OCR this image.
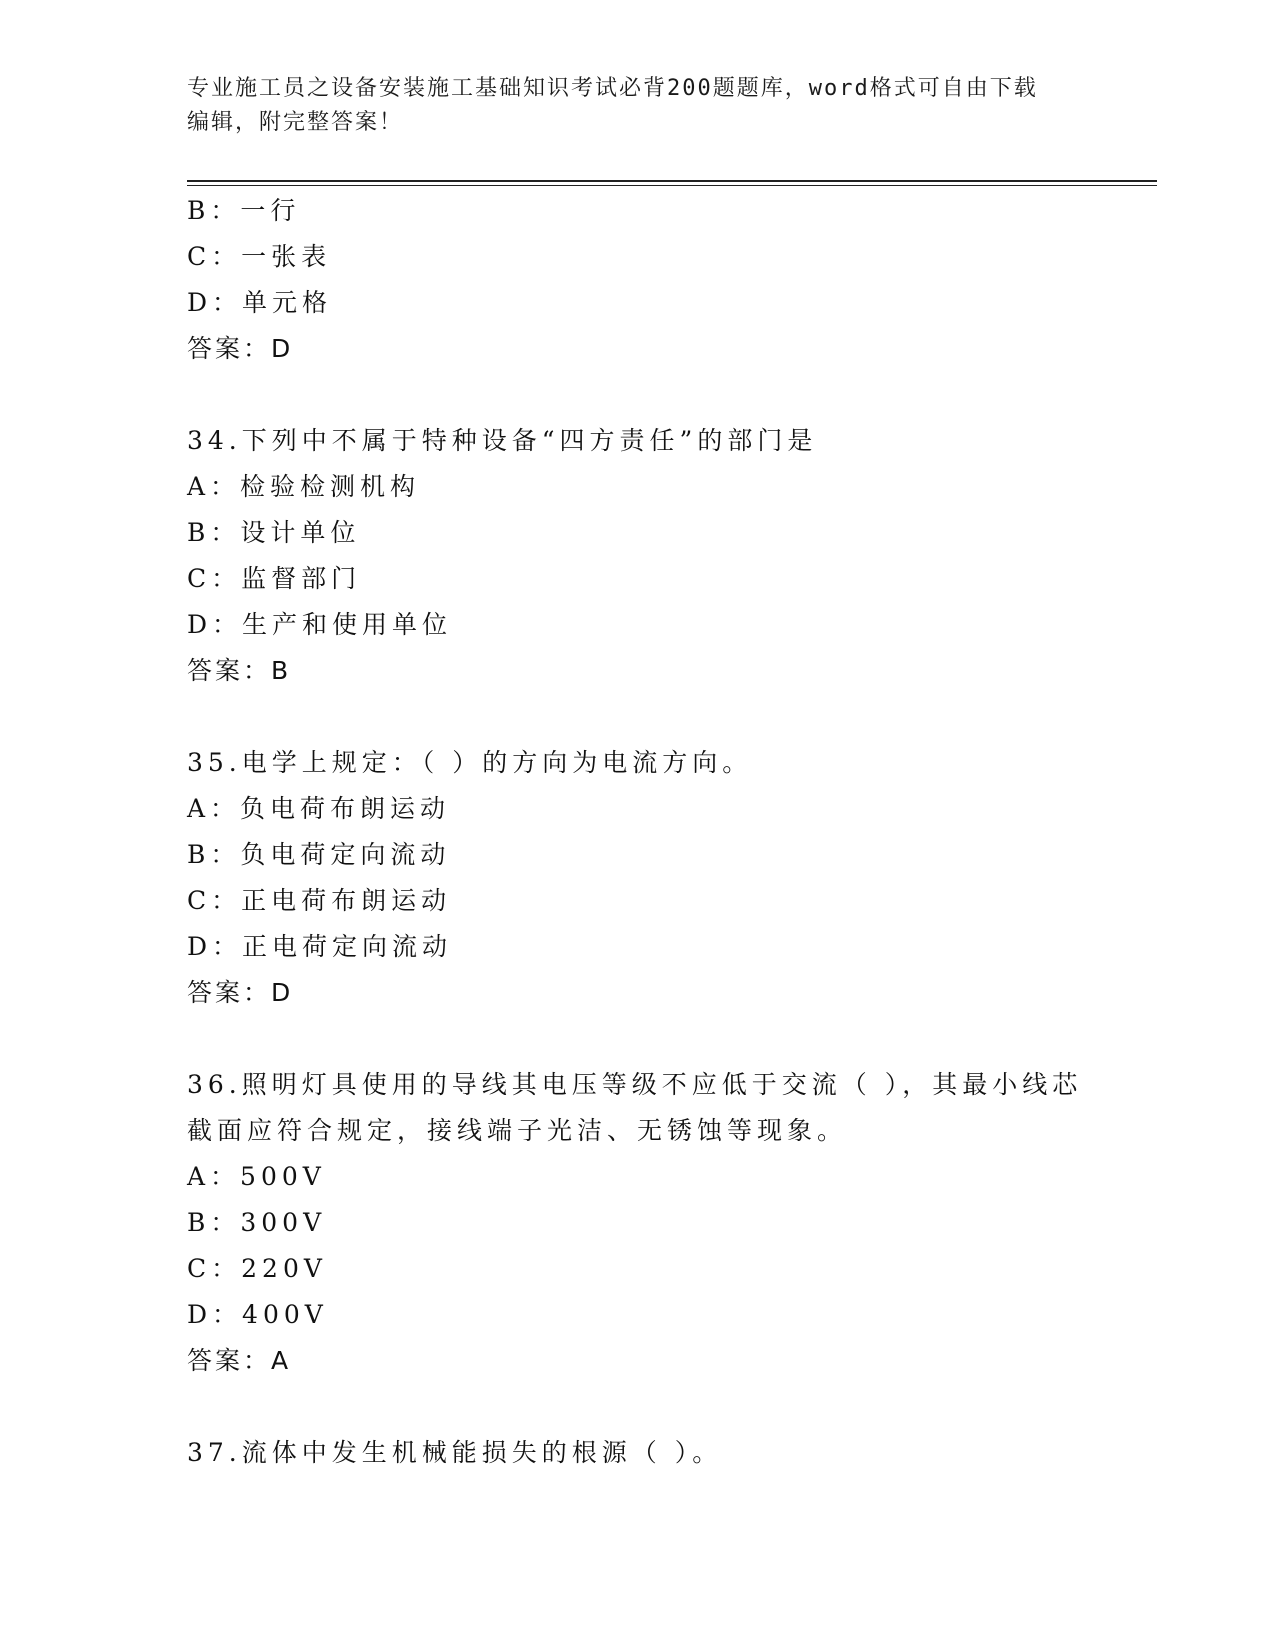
专业施工员之设备安装施工基础知识考试必背200题题库，word格式可自由下载
编辑，附完整答案！
B：一行
C：一张表
D：单元格
答案：D
34.下列中不属于特种设备“四方责任”的部门是
A：检验检测机构
B：设计单位
C：监督部门
D：生产和使用单位
答案：B
35.电学上规定：（ ）的方向为电流方向。
A：负电荷布朗运动
B：负电荷定向流动
C：正电荷布朗运动
D：正电荷定向流动
答案：D
36.照明灯具使用的导线其电压等级不应低于交流（ ），其最小线芯
截面应符合规定，接线端子光洁、无锈蚀等现象。
A：500V
B：300V
C：220V
D：400V
答案：A
37.流体中发生机械能损失的根源（ ）。
